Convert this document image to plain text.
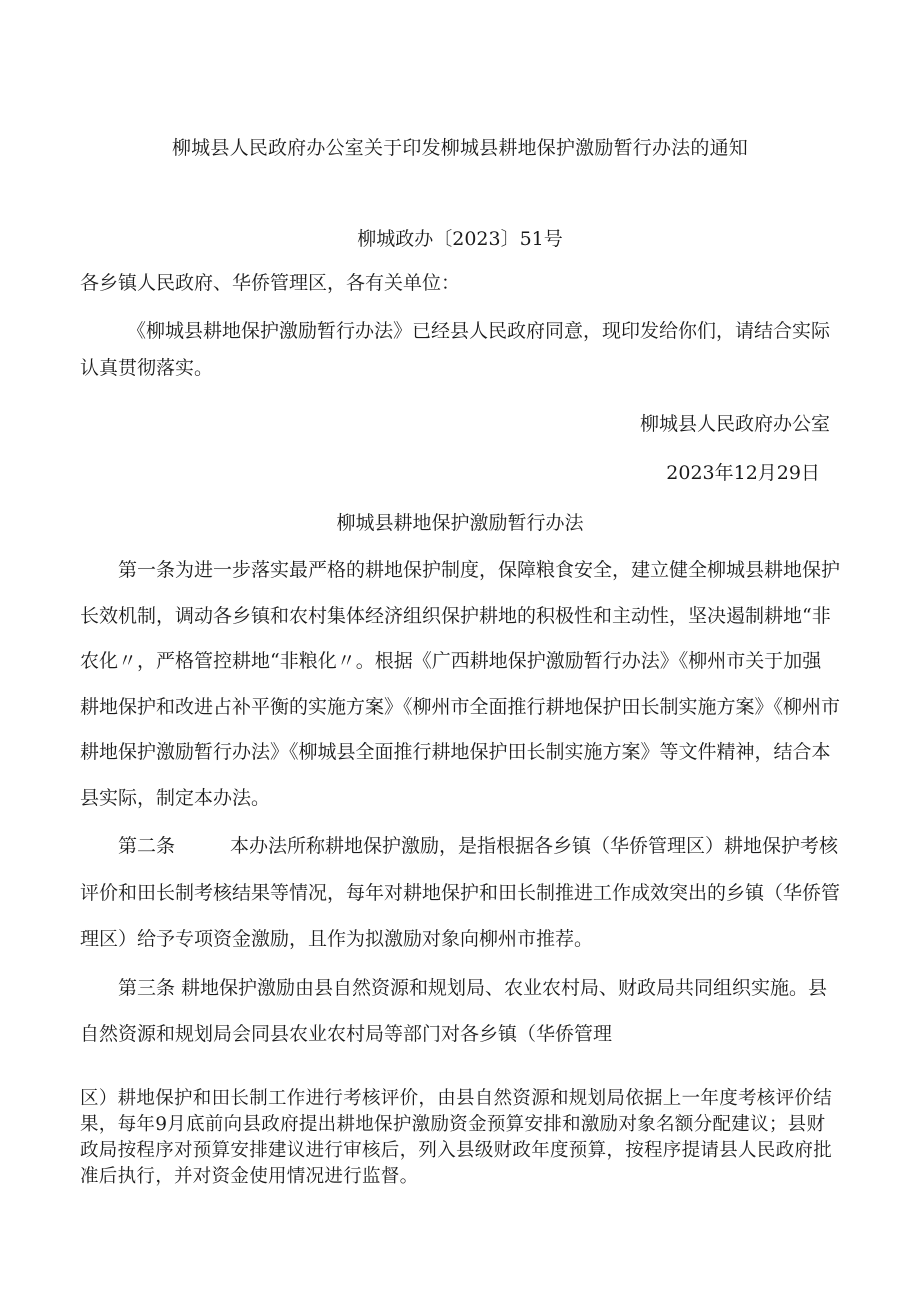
柳城县人民政府办公室关于印发柳城县耕地保护激励暂行办法的通知
柳城政办〔2023〕51号
各乡镇人民政府、华侨管理区，各有关单位：
《柳城县耕地保护激励暂行办法》已经县人民政府同意，现印发给你们，请结合实际认真贯彻落实。
柳城县人民政府办公室
2023年12月29日
柳城县耕地保护激励暂行办法
第一条为进一步落实最严格的耕地保护制度，保障粮食安全，建立健全柳城县耕地保护长效机制，调动各乡镇和农村集体经济组织保护耕地的积极性和主动性，坚决遏制耕地“非农化〃，严格管控耕地“非粮化〃。根据《广西耕地保护激励暂行办法》《柳州市关于加强耕地保护和改进占补平衡的实施方案》《柳州市全面推行耕地保护田长制实施方案》《柳州市耕地保护激励暂行办法》《柳城县全面推行耕地保护田长制实施方案》等文件精神，结合本县实际，制定本办法。
第二条	本办法所称耕地保护激励，是指根据各乡镇（华侨管理区）耕地保护考核评价和田长制考核结果等情况，每年对耕地保护和田长制推进工作成效突出的乡镇（华侨管理区）给予专项资金激励，且作为拟激励对象向柳州市推荐。
第三条 耕地保护激励由县自然资源和规划局、农业农村局、财政局共同组织实施。县自然资源和规划局会同县农业农村局等部门对各乡镇（华侨管理
区）耕地保护和田长制工作进行考核评价，由县自然资源和规划局依据上一年度考核评价结果，每年9月底前向县政府提出耕地保护激励资金预算安排和激励对象名额分配建议；县财政局按程序对预算安排建议进行审核后，列入县级财政年度预算，按程序提请县人民政府批准后执行，并对资金使用情况进行监督。
